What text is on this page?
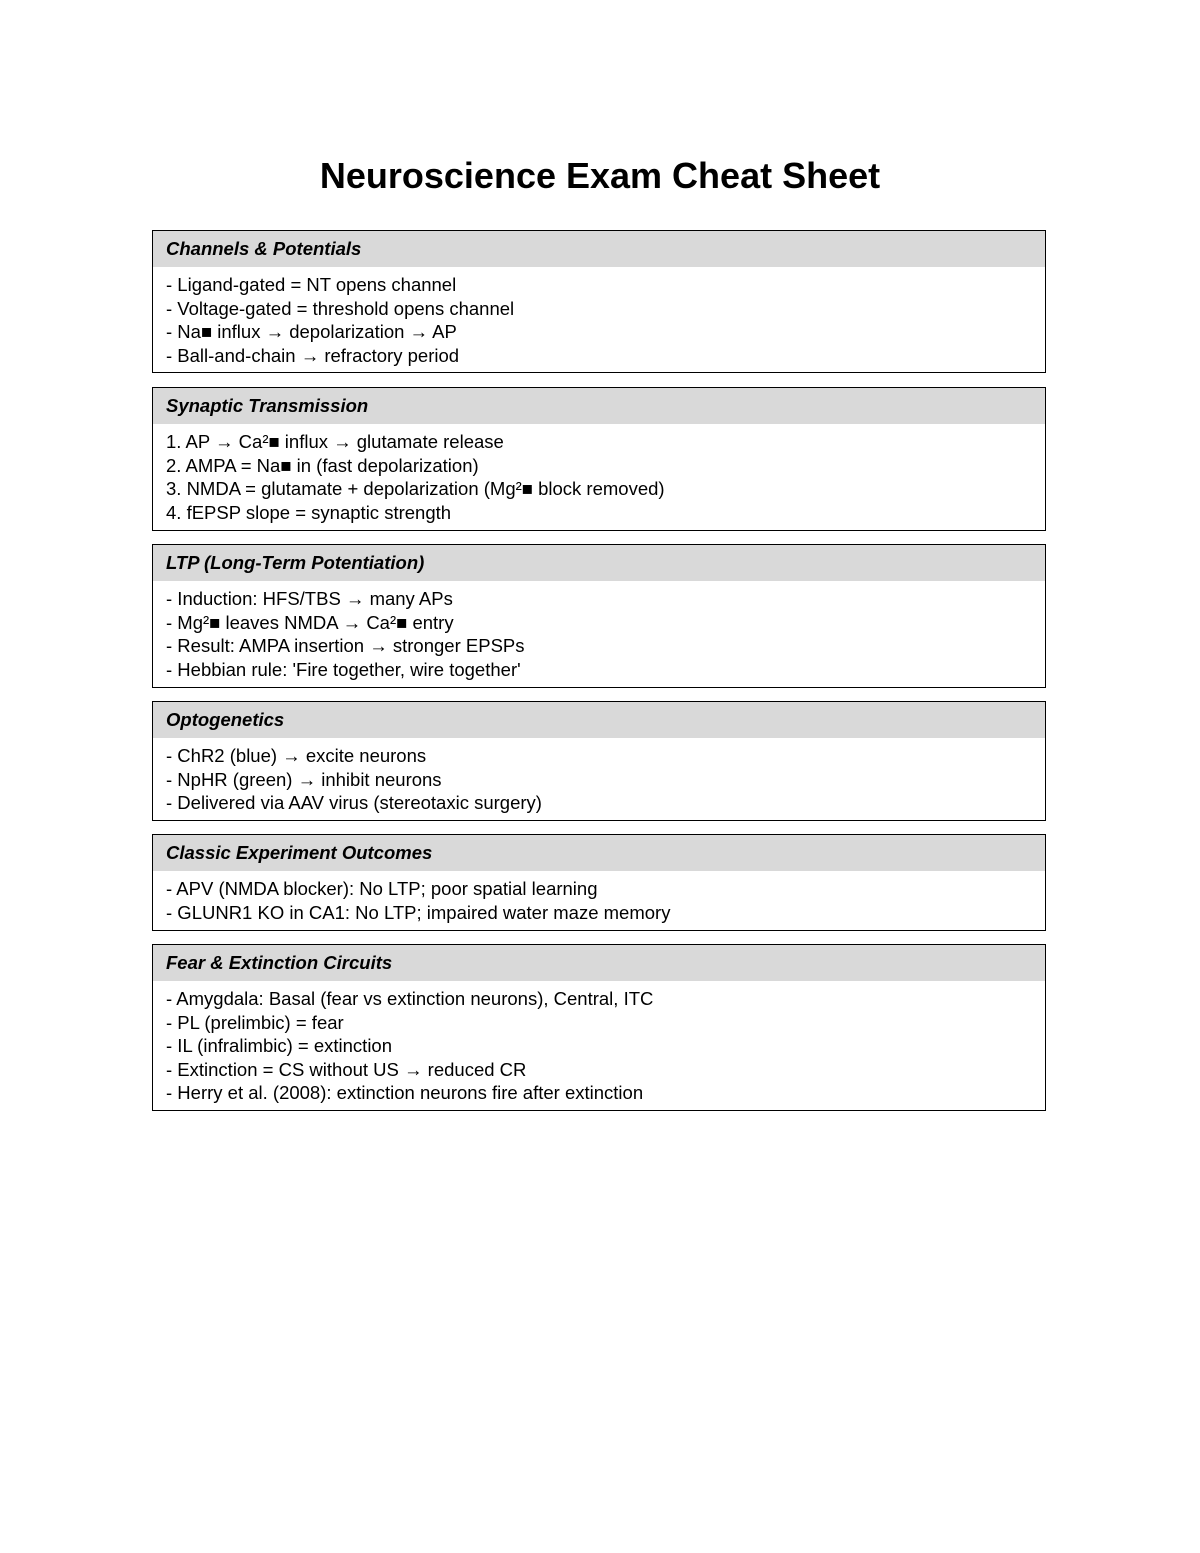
Neuroscience Exam Cheat Sheet
Channels & Potentials
- Ligand-gated = NT opens channel
- Voltage-gated = threshold opens channel
- Na■ influx → depolarization → AP
- Ball-and-chain → refractory period
Synaptic Transmission
1. AP → Ca²■ influx → glutamate release
2. AMPA = Na■ in (fast depolarization)
3. NMDA = glutamate + depolarization (Mg²■ block removed)
4. fEPSP slope = synaptic strength
LTP (Long-Term Potentiation)
- Induction: HFS/TBS → many APs
- Mg²■ leaves NMDA → Ca²■ entry
- Result: AMPA insertion → stronger EPSPs
- Hebbian rule: 'Fire together, wire together'
Optogenetics
- ChR2 (blue) → excite neurons
- NpHR (green) → inhibit neurons
- Delivered via AAV virus (stereotaxic surgery)
Classic Experiment Outcomes
- APV (NMDA blocker): No LTP; poor spatial learning
- GLUNR1 KO in CA1: No LTP; impaired water maze memory
Fear & Extinction Circuits
- Amygdala: Basal (fear vs extinction neurons), Central, ITC
- PL (prelimbic) = fear
- IL (infralimbic) = extinction
- Extinction = CS without US → reduced CR
- Herry et al. (2008): extinction neurons fire after extinction
